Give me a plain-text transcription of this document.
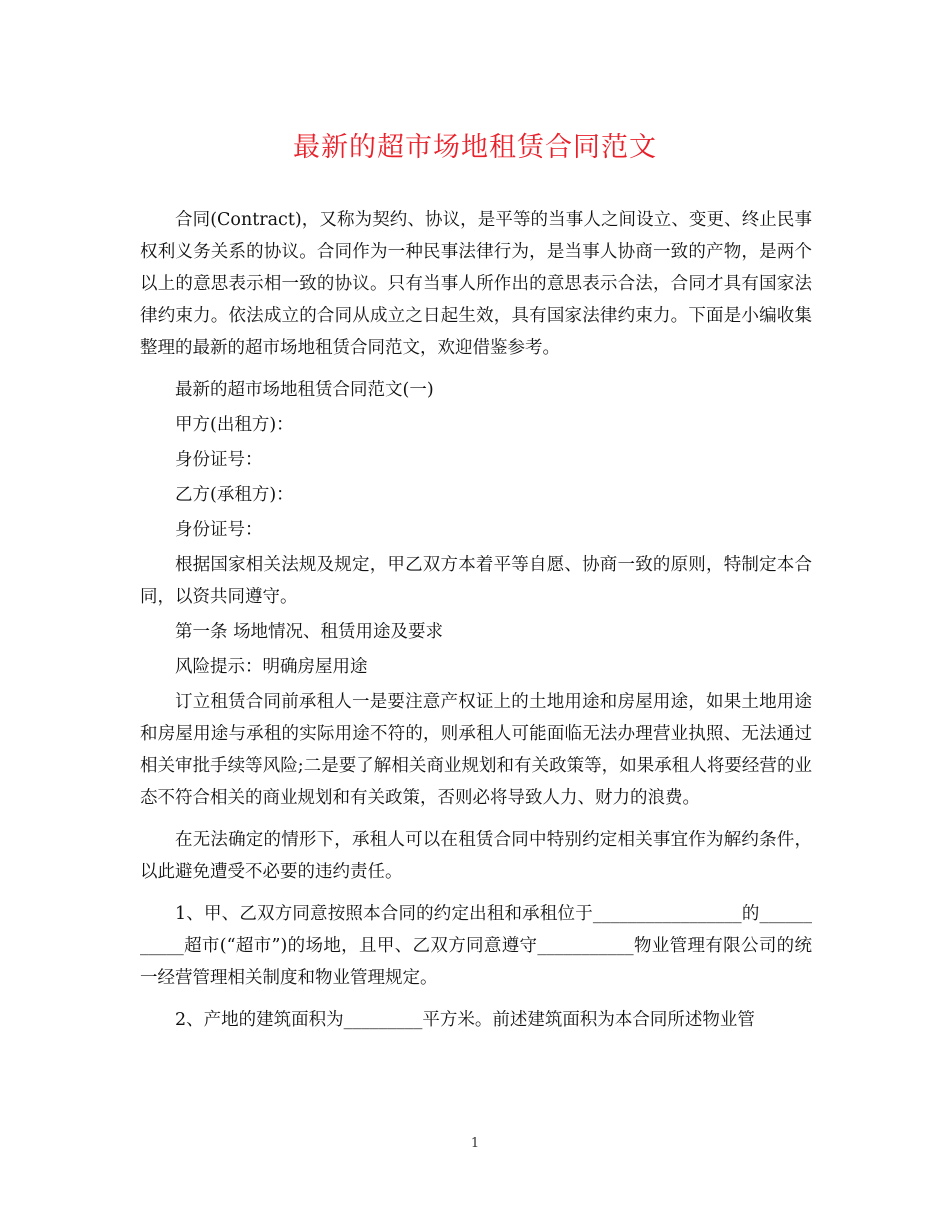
最新的超市场地租赁合同范文

合同(Contract)，又称为契约、协议，是平等的当事人之间设立、变更、终止民事权利义务关系的协议。合同作为一种民事法律行为，是当事人协商一致的产物，是两个以上的意思表示相一致的协议。只有当事人所作出的意思表示合法，合同才具有国家法律约束力。依法成立的合同从成立之日起生效，具有国家法律约束力。下面是小编收集整理的最新的超市场地租赁合同范文，欢迎借鉴参考。

最新的超市场地租赁合同范文(一)

甲方(出租方)：

身份证号：

乙方(承租方)：

身份证号：

根据国家相关法规及规定，甲乙双方本着平等自愿、协商一致的原则，特制定本合同，以资共同遵守。

第一条 场地情况、租赁用途及要求

风险提示：明确房屋用途

订立租赁合同前承租人一是要注意产权证上的土地用途和房屋用途，如果土地用途和房屋用途与承租的实际用途不符的，则承租人可能面临无法办理营业执照、无法通过相关审批手续等风险;二是要了解相关商业规划和有关政策等，如果承租人将要经营的业态不符合相关的商业规划和有关政策，否则必将导致人力、财力的浪费。

在无法确定的情形下，承租人可以在租赁合同中特别约定相关事宜作为解约条件，以此避免遭受不必要的违约责任。

1、甲、乙双方同意按照本合同的约定出租和承租位于_________________的___________超市(“超市”)的场地，且甲、乙双方同意遵守___________物业管理有限公司的统一经营管理相关制度和物业管理规定。

2、产地的建筑面积为_________平方米。前述建筑面积为本合同所述物业管

1
